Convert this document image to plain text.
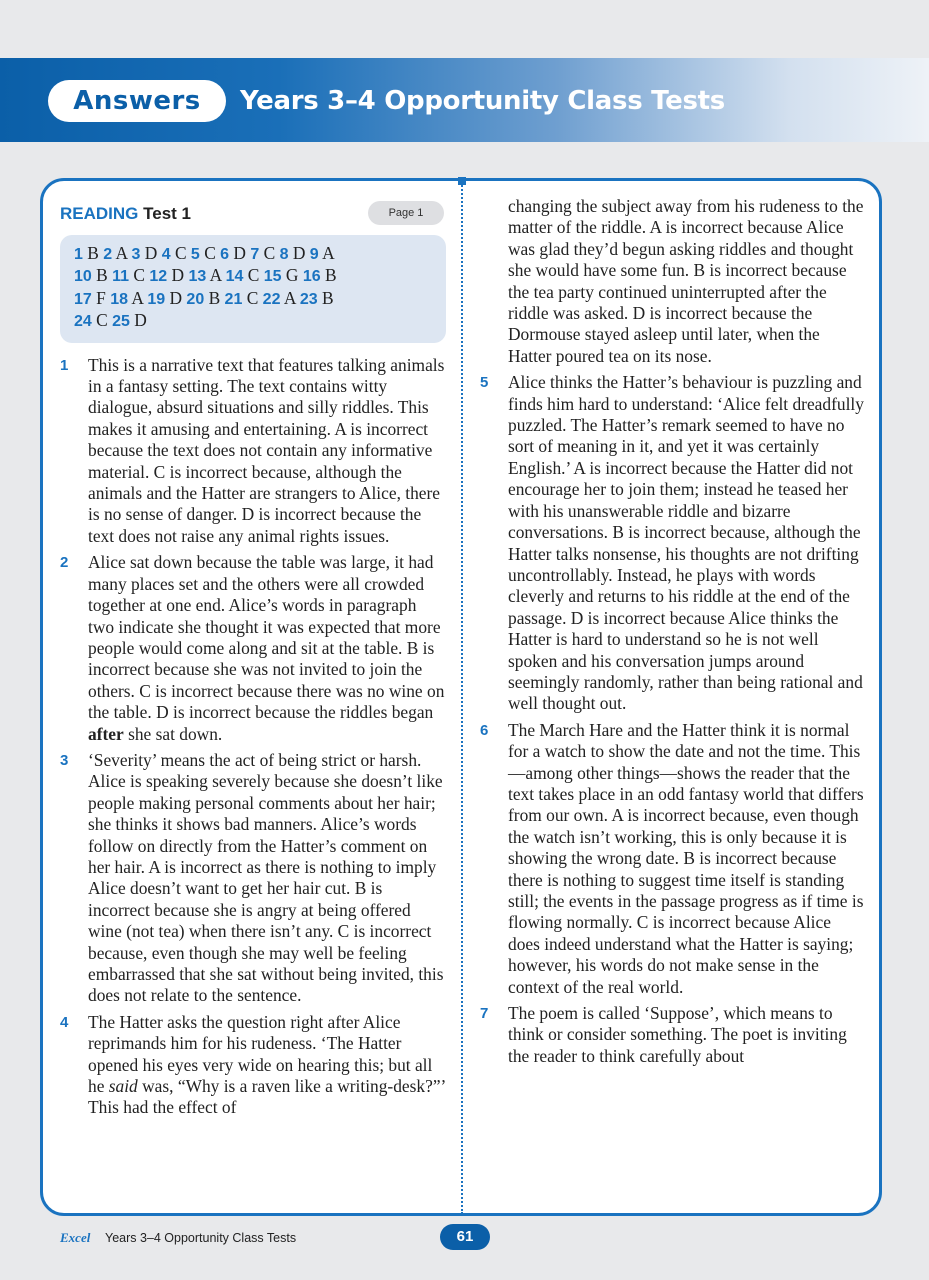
Answers	Years 3–4 Opportunity Class Tests
READING Test 1	Page 1
1 B 2 A 3 D 4 C 5 C 6 D 7 C 8 D 9 A
10 B 11 C 12 D 13 A 14 C 15 G 16 B
17 F 18 A 19 D 20 B 21 C 22 A 23 B
24 C 25 D
1 This is a narrative text that features talking animals in a fantasy setting. The text contains witty dialogue, absurd situations and silly riddles. This makes it amusing and entertaining. A is incorrect because the text does not contain any informative material. C is incorrect because, although the animals and the Hatter are strangers to Alice, there is no sense of danger. D is incorrect because the text does not raise any animal rights issues.
2 Alice sat down because the table was large, it had many places set and the others were all crowded together at one end. Alice’s words in paragraph two indicate she thought it was expected that more people would come along and sit at the table. B is incorrect because she was not invited to join the others. C is incorrect because there was no wine on the table. D is incorrect because the riddles began after she sat down.
3 ‘Severity’ means the act of being strict or harsh. Alice is speaking severely because she doesn’t like people making personal comments about her hair; she thinks it shows bad manners. Alice’s words follow on directly from the Hatter’s comment on her hair. A is incorrect as there is nothing to imply Alice doesn’t want to get her hair cut. B is incorrect because she is angry at being offered wine (not tea) when there isn’t any. C is incorrect because, even though she may well be feeling embarrassed that she sat without being invited, this does not relate to the sentence.
4 The Hatter asks the question right after Alice reprimands him for his rudeness. ‘The Hatter opened his eyes very wide on hearing this; but all he said was, “Why is a raven like a writing-desk?”’ This had the effect of
changing the subject away from his rudeness to the matter of the riddle. A is incorrect because Alice was glad they’d begun asking riddles and thought she would have some fun. B is incorrect because the tea party continued uninterrupted after the riddle was asked. D is incorrect because the Dormouse stayed asleep until later, when the Hatter poured tea on its nose.
5 Alice thinks the Hatter’s behaviour is puzzling and finds him hard to understand: ‘Alice felt dreadfully puzzled. The Hatter’s remark seemed to have no sort of meaning in it, and yet it was certainly English.’ A is incorrect because the Hatter did not encourage her to join them; instead he teased her with his unanswerable riddle and bizarre conversations. B is incorrect because, although the Hatter talks nonsense, his thoughts are not drifting uncontrollably. Instead, he plays with words cleverly and returns to his riddle at the end of the passage. D is incorrect because Alice thinks the Hatter is hard to understand so he is not well spoken and his conversation jumps around seemingly randomly, rather than being rational and well thought out.
6 The March Hare and the Hatter think it is normal for a watch to show the date and not the time. This—among other things—shows the reader that the text takes place in an odd fantasy world that differs from our own. A is incorrect because, even though the watch isn’t working, this is only because it is showing the wrong date. B is incorrect because there is nothing to suggest time itself is standing still; the events in the passage progress as if time is flowing normally. C is incorrect because Alice does indeed understand what the Hatter is saying; however, his words do not make sense in the context of the real world.
7 The poem is called ‘Suppose’, which means to think or consider something. The poet is inviting the reader to think carefully about
Excel Years 3–4 Opportunity Class Tests	61
